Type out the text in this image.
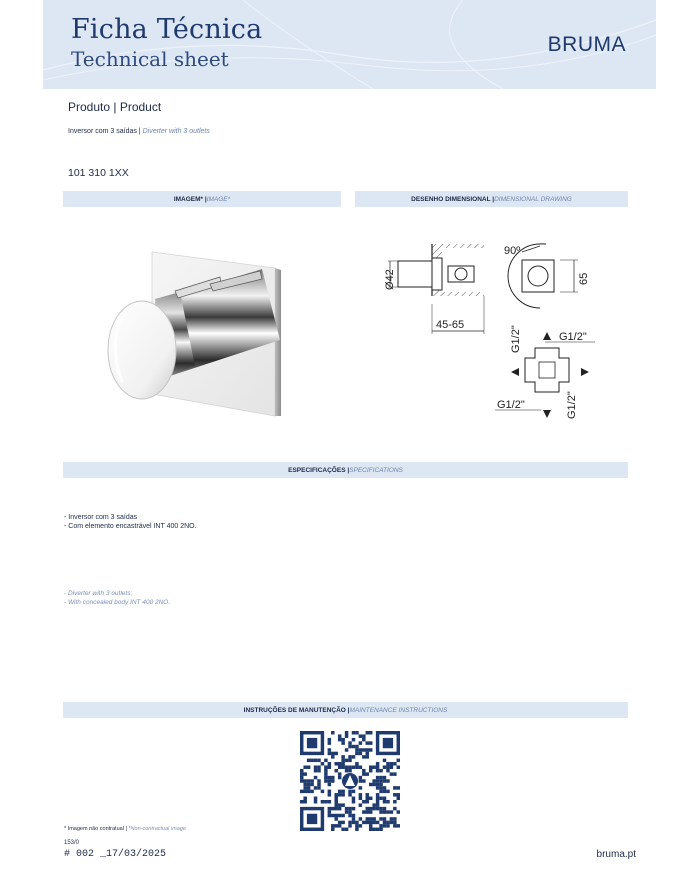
Ficha Técnica
Technical sheet
BRUMA
Produto | Product
Inversor com 3 saídas | Diverter with 3 outlets
101 310 1XX
IMAGEM* | IMAGE*	DESENHO DIMENSIONAL | DIMENSIONAL DRAWING
Ø42
45-65
90º
65
G1/2"	G1/2"
G1/2"	G1/2"
ESPECIFICAÇÕES | SPECIFICATIONS
- Inversor com 3 saídas
- Com elemento encastrável INT 400 2NO.
- Diverter with 3 outlets;
- With concealed body INT 400 2NO.
INSTRUÇÕES DE MANUTENÇÃO | MAINTENANCE INSTRUCTIONS
* Imagem não contratual | *Non-contractual image
153/0
# 002 _17/03/2025	bruma.pt
